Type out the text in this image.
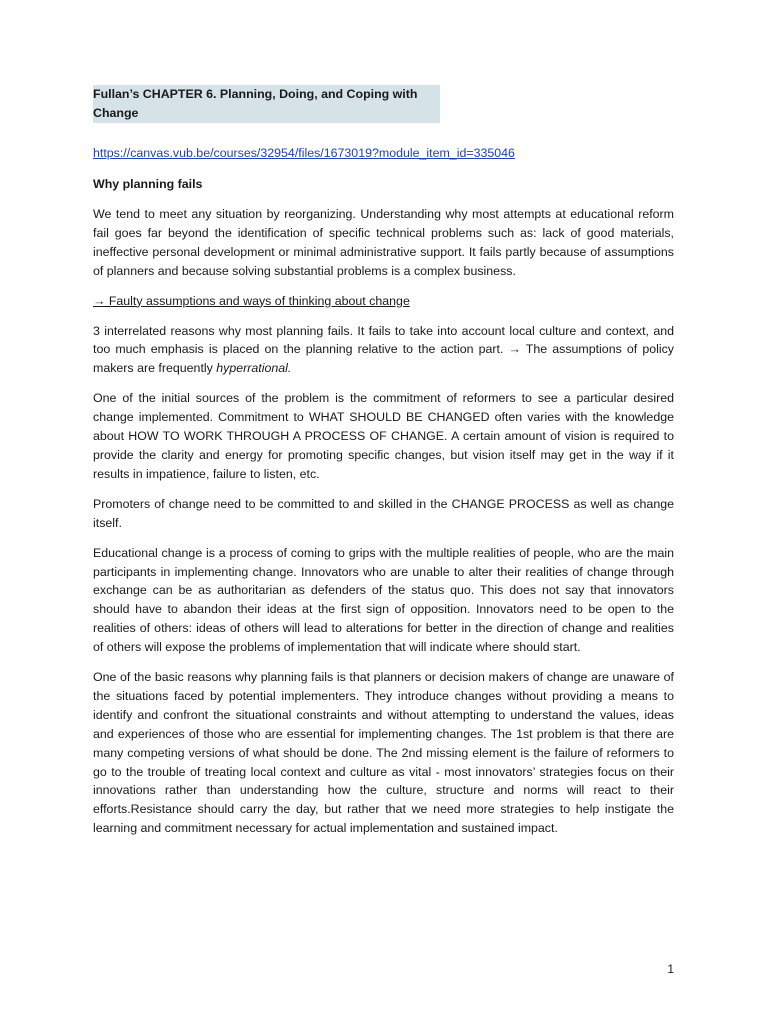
Fullan’s CHAPTER 6. Planning, Doing, and Coping with Change
https://canvas.vub.be/courses/32954/files/1673019?module_item_id=335046
Why planning fails

We tend to meet any situation by reorganizing. Understanding why most attempts at educational reform fail goes far beyond the identification of specific technical problems such as: lack of good materials, ineffective personal development or minimal administrative support. It fails partly because of assumptions of planners and because solving substantial problems is a complex business.

→ Faulty assumptions and ways of thinking about change

3 interrelated reasons why most planning fails. It fails to take into account local culture and context, and too much emphasis is placed on the planning relative to the action part. → The assumptions of policy makers are frequently hyperrational.

One of the initial sources of the problem is the commitment of reformers to see a particular desired change implemented. Commitment to WHAT SHOULD BE CHANGED often varies with the knowledge about HOW TO WORK THROUGH A PROCESS OF CHANGE. A certain amount of vision is required to provide the clarity and energy for promoting specific changes, but vision itself may get in the way if it results in impatience, failure to listen, etc.

Promoters of change need to be committed to and skilled in the CHANGE PROCESS as well as change itself.

Educational change is a process of coming to grips with the multiple realities of people, who are the main participants in implementing change. Innovators who are unable to alter their realities of change through exchange can be as authoritarian as defenders of the status quo. This does not say that innovators should have to abandon their ideas at the first sign of opposition. Innovators need to be open to the realities of others: ideas of others will lead to alterations for better in the direction of change and realities of others will expose the problems of implementation that will indicate where should start.

One of the basic reasons why planning fails is that planners or decision makers of change are unaware of the situations faced by potential implementers. They introduce changes without providing a means to identify and confront the situational constraints and without attempting to understand the values, ideas and experiences of those who are essential for implementing changes. The 1st problem is that there are many competing versions of what should be done. The 2nd missing element is the failure of reformers to go to the trouble of treating local context and culture as vital - most innovators’ strategies focus on their innovations rather than understanding how the culture, structure and norms will react to their efforts.Resistance should carry the day, but rather that we need more strategies to help instigate the learning and commitment necessary for actual implementation and sustained impact.

1
